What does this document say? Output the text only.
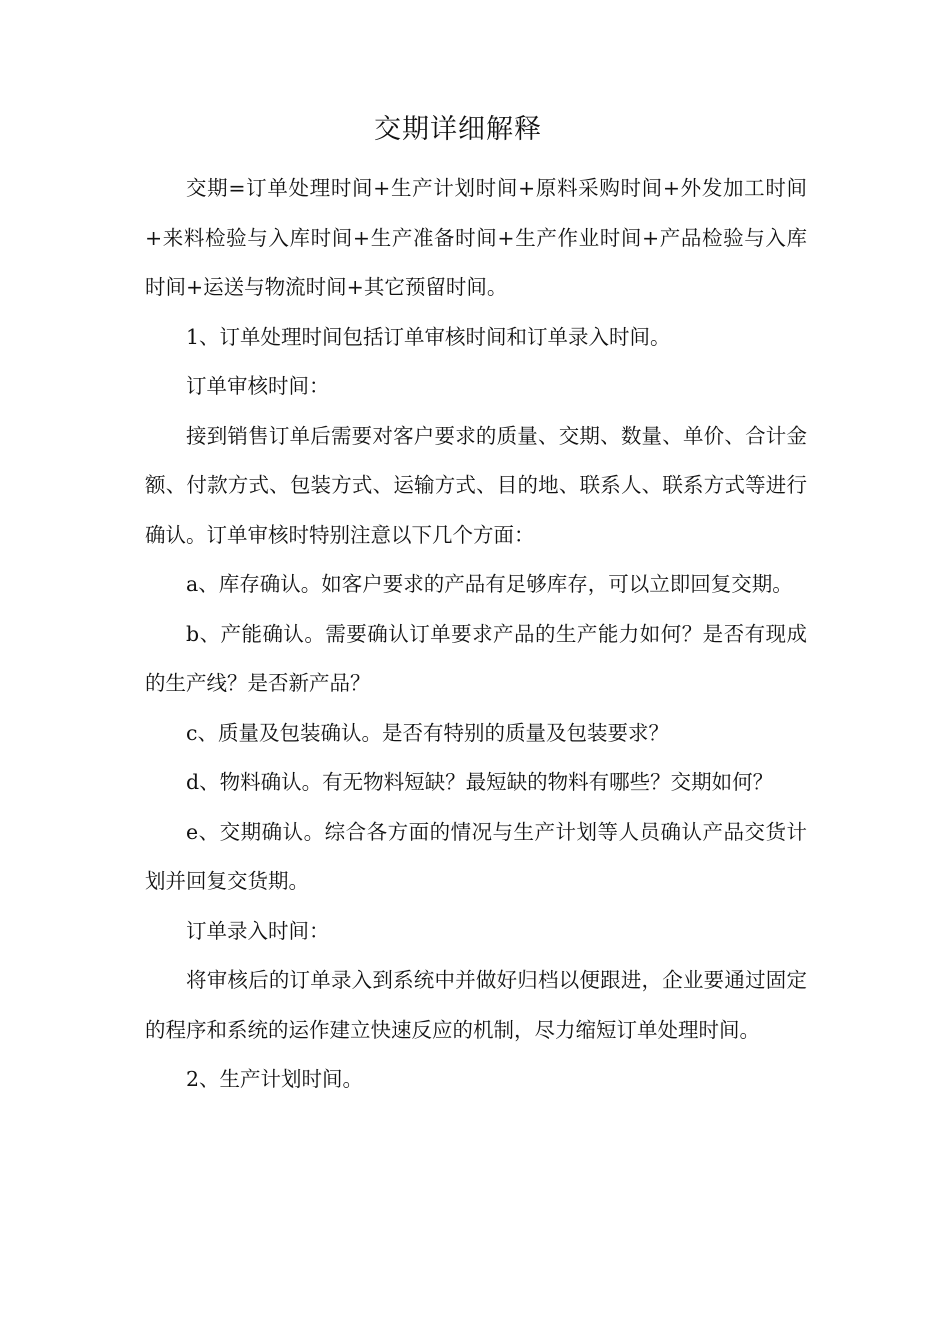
交期详细解释

交期=订单处理时间+生产计划时间+原料采购时间+外发加工时间+来料检验与入库时间+生产准备时间+生产作业时间+产品检验与入库时间+运送与物流时间+其它预留时间。

1、订单处理时间包括订单审核时间和订单录入时间。

订单审核时间：

接到销售订单后需要对客户要求的质量、交期、数量、单价、合计金额、付款方式、包装方式、运输方式、目的地、联系人、联系方式等进行确认。订单审核时特别注意以下几个方面：

a、库存确认。如客户要求的产品有足够库存，可以立即回复交期。

b、产能确认。需要确认订单要求产品的生产能力如何？是否有现成的生产线？是否新产品？

c、质量及包装确认。是否有特别的质量及包装要求？

d、物料确认。有无物料短缺？最短缺的物料有哪些？交期如何？

e、交期确认。综合各方面的情况与生产计划等人员确认产品交货计划并回复交货期。

订单录入时间：

将审核后的订单录入到系统中并做好归档以便跟进，企业要通过固定的程序和系统的运作建立快速反应的机制，尽力缩短订单处理时间。

2、生产计划时间。
